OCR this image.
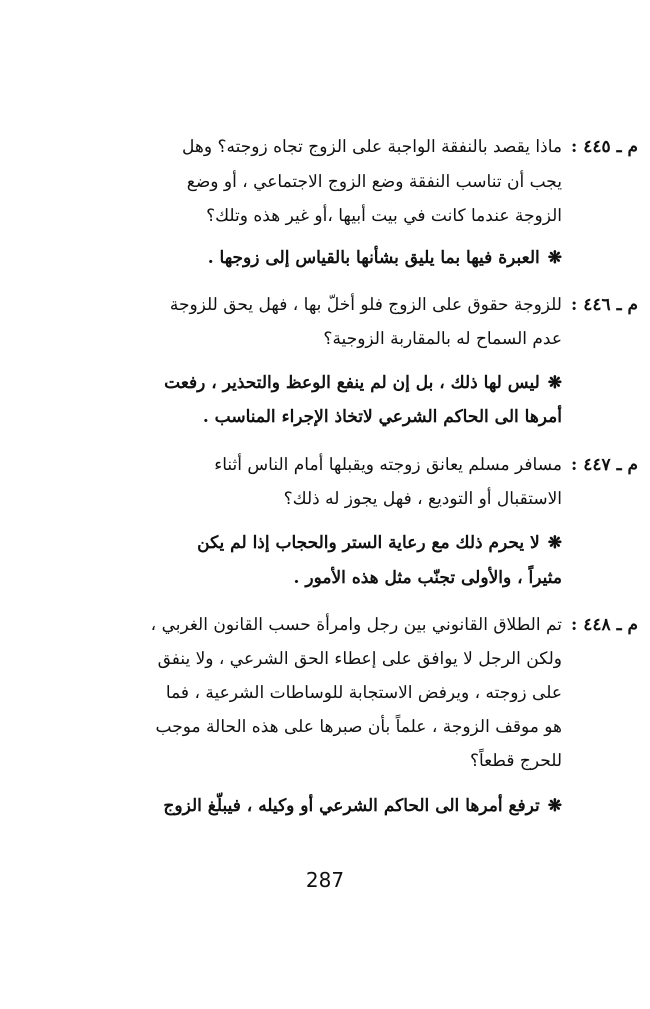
م ـ ٤٤٥ :
ماذا يقصد بالنفقة الواجبة على الزوج تجاه زوجته؟ وهل
يجب أن تناسب النفقة وضع الزوج الاجتماعي ، أو وضع
الزوجة عندما كانت في بيت أبيها ،أو غير هذه وتلك؟
❋العبرة فيها بما يليق بشأنها بالقياس إلى زوجها .
م ـ ٤٤٦ :
للزوجة حقوق على الزوج فلو أخلّ بها ، فهل يحق للزوجة
عدم السماح له بالمقاربة الزوجية؟
❋ليس لها ذلك ، بل إن لم ينفع الوعظ والتحذير ، رفعت
أمرها الى الحاكم الشرعي لاتخاذ الإجراء المناسب .
م ـ ٤٤٧ :
مسافر مسلم يعانق زوجته ويقبلها أمام الناس أثناء
الاستقبال أو التوديع ، فهل يجوز له ذلك؟
❋لا يحرم ذلك مع رعاية الستر والحجاب إذا لم يكن
مثيراً ، والأولى تجنّب مثل هذه الأمور .
م ـ ٤٤٨ :
تم الطلاق القانوني بين رجل وامرأة حسب القانون الغربي ،
ولكن الرجل لا يوافق على إعطاء الحق الشرعي ، ولا ينفق
على زوجته ، ويرفض الاستجابة للوساطات الشرعية ، فما
هو موقف الزوجة ، علماً بأن صبرها على هذه الحالة موجب
للحرج قطعاً؟
❋ترفع أمرها الى الحاكم الشرعي أو وكيله ، فيبلّغ الزوج
287
